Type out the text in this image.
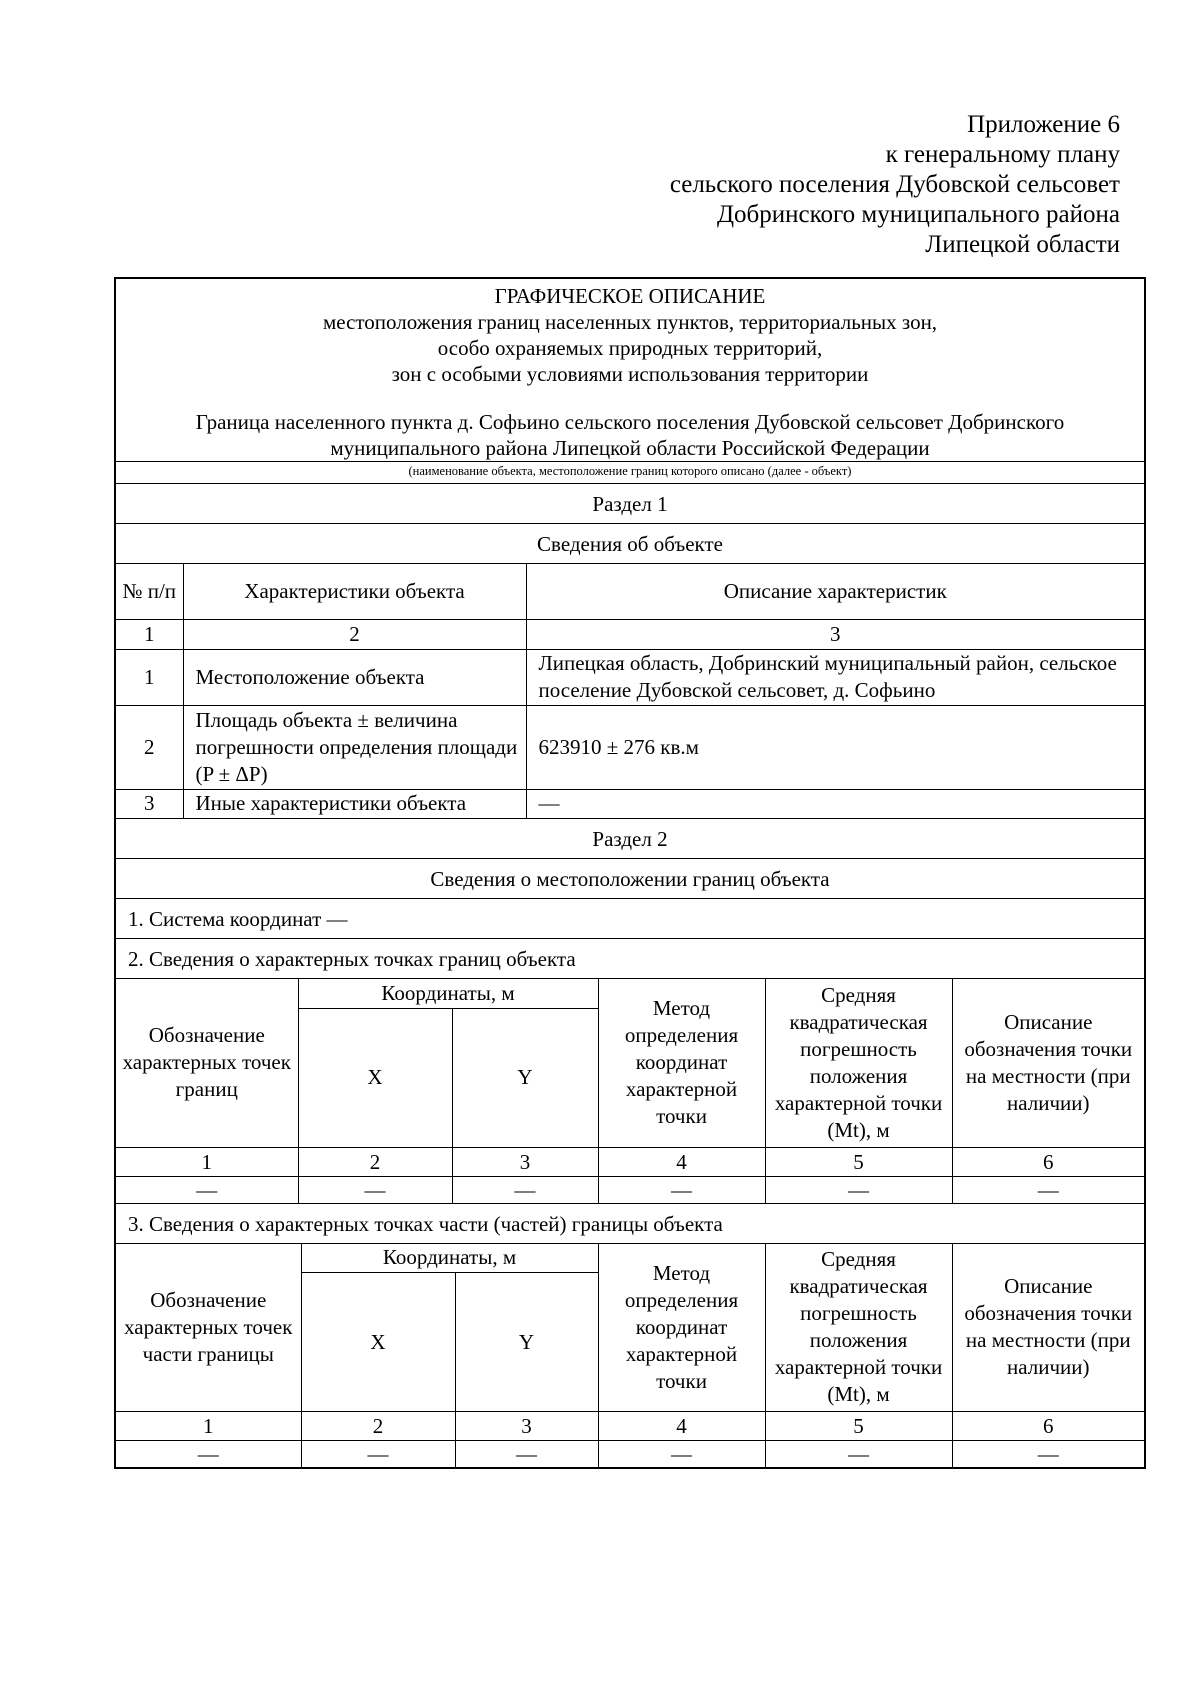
Приложение 6
к генеральному плану
сельского поселения Дубовской сельсовет
Добринского муниципального района
Липецкой области
ГРАФИЧЕСКОЕ ОПИСАНИЕ
местоположения границ населенных пунктов, территориальных зон,
особо охраняемых природных территорий,
зон с особыми условиями использования территории
Граница населенного пункта д. Софьино сельского поселения Дубовской сельсовет Добринского
муниципального района Липецкой области Российской Федерации
(наименование объекта, местоположение границ которого описано (далее - объект)
Раздел 1
Сведения об объекте
№ п/п	Характеристики объекта	Описание характеристик
1	2	3
1	Местоположение объекта	Липецкая область, Добринский муниципальный район, сельское поселение Дубовской сельсовет, д. Софьино
2	Площадь объекта ± величина погрешности определения площади (P ± ΔP)	623910 ± 276 кв.м
3	Иные характеристики объекта	—
Раздел 2
Сведения о местоположении границ объекта
1. Система координат —
2. Сведения о характерных точках границ объекта
Обозначение характерных точек границ	Координаты, м		Метод определения координат характерной точки	Средняя квадратическая погрешность положения характерной точки (Mt), м	Описание обозначения точки на местности (при наличии)
	X	Y			
1	2	3	4	5	6
—	—	—	—	—	—
3. Сведения о характерных точках части (частей) границы объекта
Обозначение характерных точек части границы	Координаты, м		Метод определения координат характерной точки	Средняя квадратическая погрешность положения характерной точки (Mt), м	Описание обозначения точки на местности (при наличии)
	X	Y			
1	2	3	4	5	6
—	—	—	—	—	—
